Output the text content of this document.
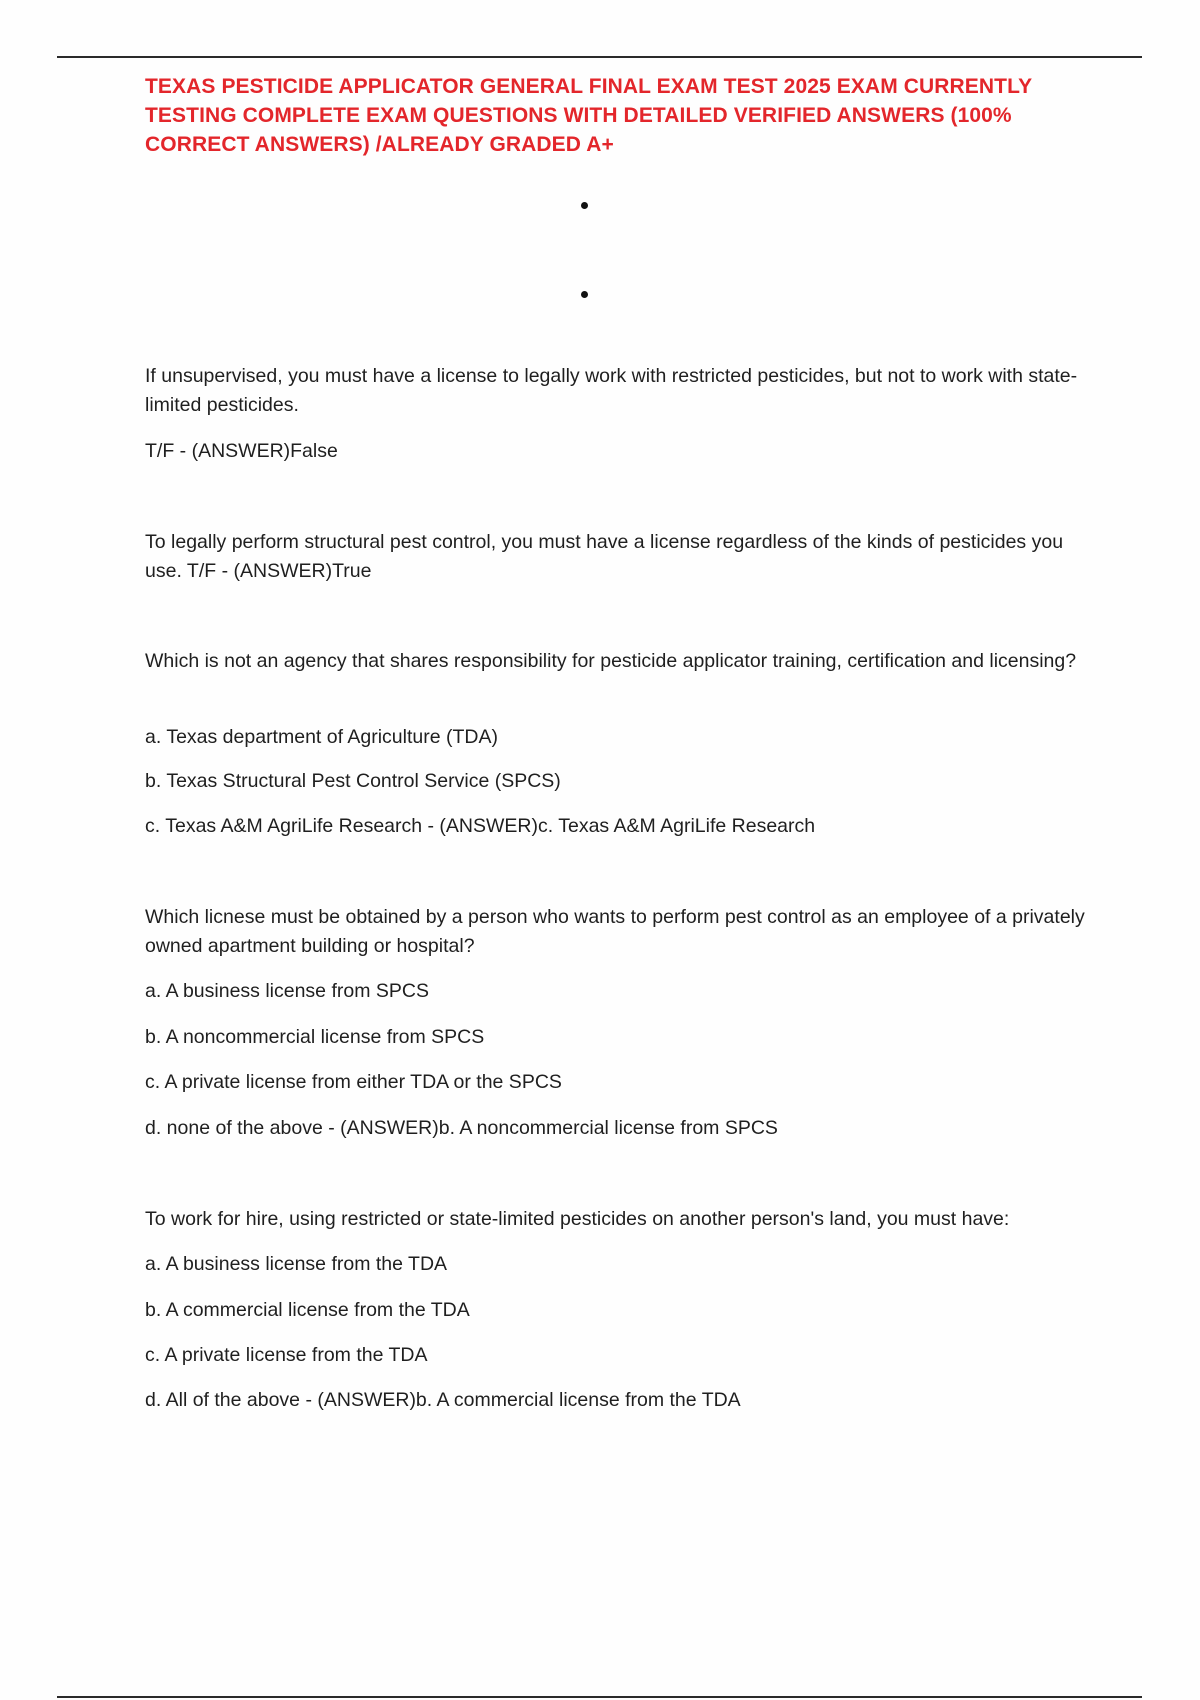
TEXAS PESTICIDE APPLICATOR GENERAL FINAL EXAM TEST 2025 EXAM CURRENTLY TESTING COMPLETE EXAM QUESTIONS WITH DETAILED VERIFIED ANSWERS (100% CORRECT ANSWERS) /ALREADY GRADED A+
If unsupervised, you must have a license to legally work with restricted pesticides, but not to work with state-limited pesticides.
T/F - (ANSWER)False
To legally perform structural pest control, you must have a license regardless of the kinds of pesticides you use. T/F - (ANSWER)True
Which is not an agency that shares responsibility for pesticide applicator training, certification and licensing?
a. Texas department of Agriculture (TDA)
b. Texas Structural Pest Control Service (SPCS)
c. Texas A&M AgriLife Research - (ANSWER)c. Texas A&M AgriLife Research
Which licnese must be obtained by a person who wants to perform pest control as an employee of a privately owned apartment building or hospital?
a. A business license from SPCS
b. A noncommercial license from SPCS
c. A private license from either TDA or the SPCS
d. none of the above - (ANSWER)b. A noncommercial license from SPCS
To work for hire, using restricted or state-limited pesticides on another person's land, you must have:
a. A business license from the TDA
b. A commercial license from the TDA
c. A private license from the TDA
d. All of the above - (ANSWER)b. A commercial license from the TDA
